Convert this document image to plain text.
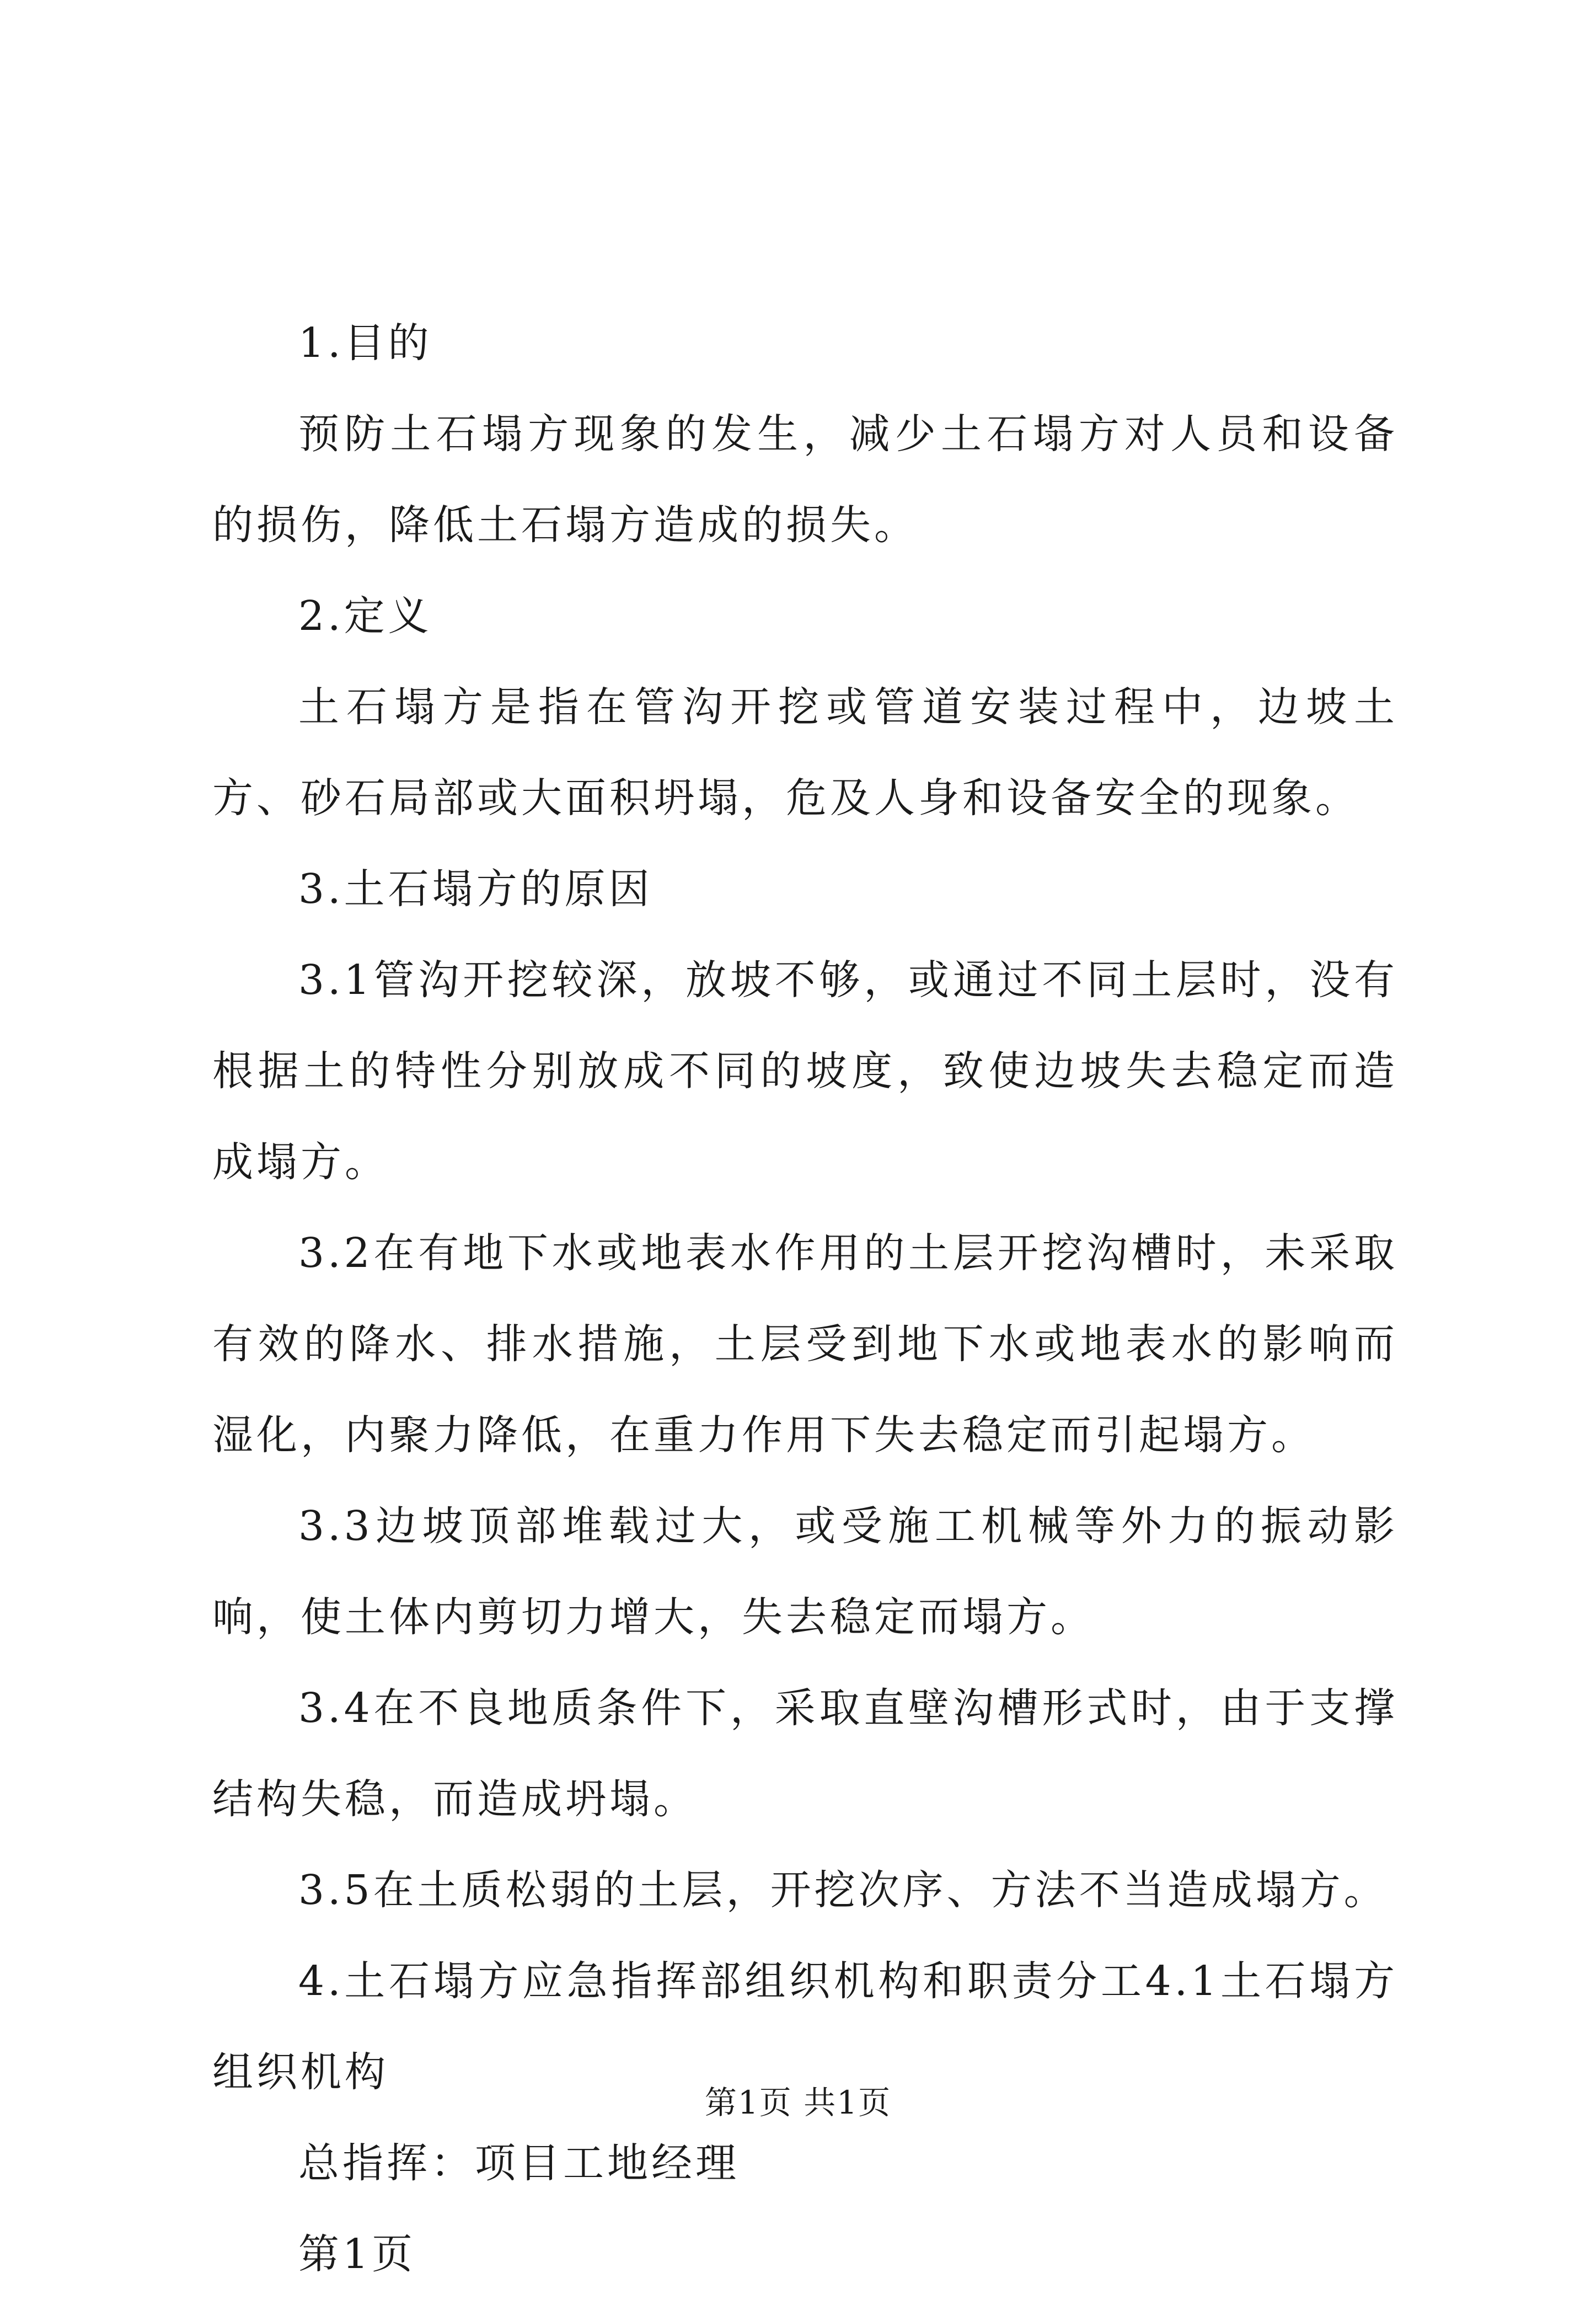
1.目的

预防土石塌方现象的发生，减少土石塌方对人员和设备的损伤，降低土石塌方造成的损失。

2.定义

土石塌方是指在管沟开挖或管道安装过程中，边坡土方、砂石局部或大面积坍塌，危及人身和设备安全的现象。

3.土石塌方的原因

3.1管沟开挖较深，放坡不够，或通过不同土层时，没有根据土的特性分别放成不同的坡度，致使边坡失去稳定而造成塌方。

3.2在有地下水或地表水作用的土层开挖沟槽时，未采取有效的降水、排水措施，土层受到地下水或地表水的影响而湿化，内聚力降低，在重力作用下失去稳定而引起塌方。

3.3边坡顶部堆载过大，或受施工机械等外力的振动影响，使土体内剪切力增大，失去稳定而塌方。

3.4在不良地质条件下，采取直壁沟槽形式时，由于支撑结构失稳，而造成坍塌。

3.5在土质松弱的土层，开挖次序、方法不当造成塌方。

4.土石塌方应急指挥部组织机构和职责分工4.1土石塌方组织机构

总指挥：项目工地经理

第1页

第1页 共1页
